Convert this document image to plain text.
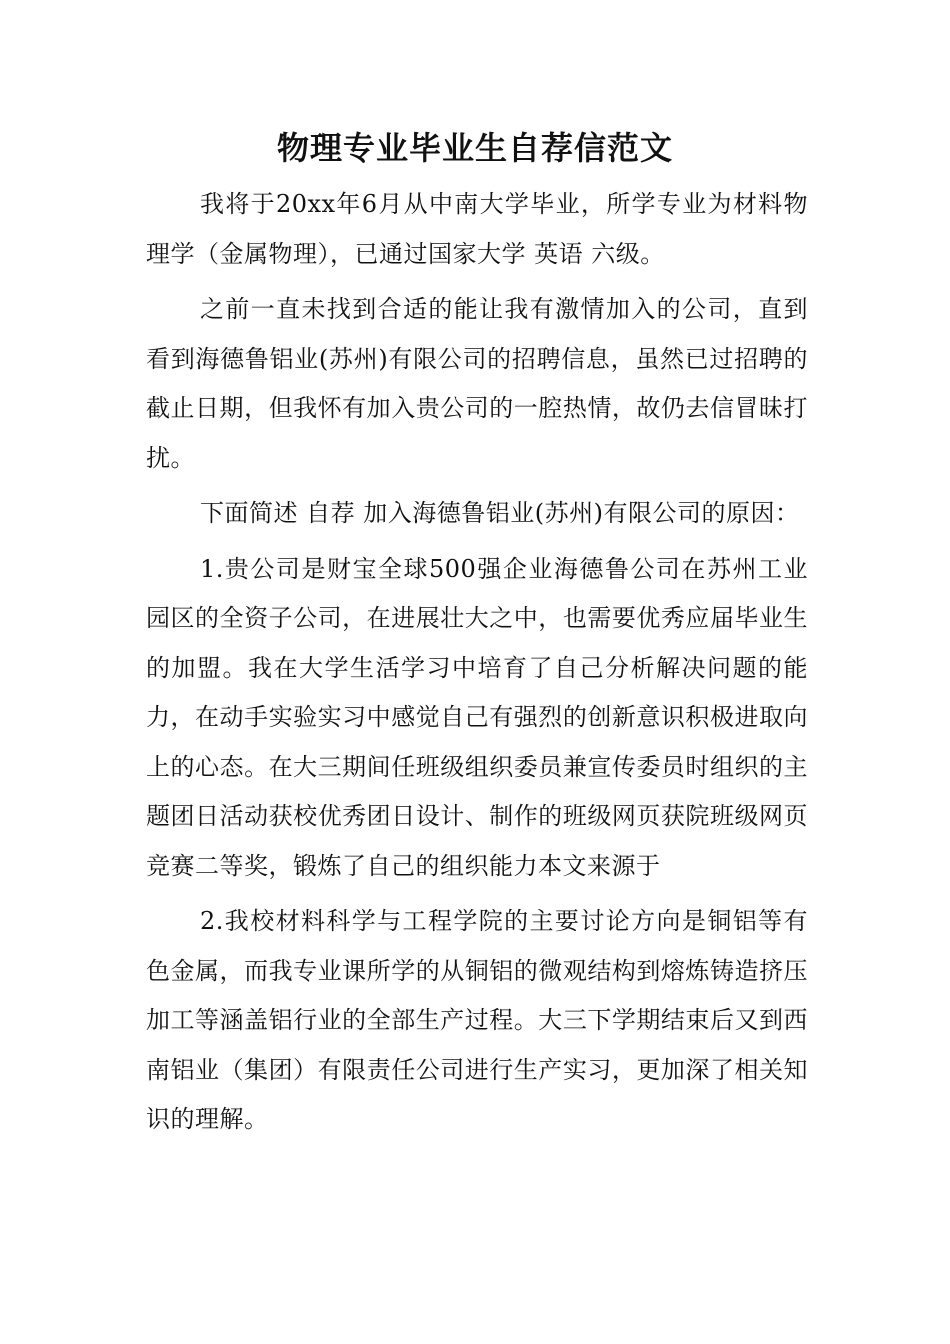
物理专业毕业生自荐信范文

我将于20xx年6月从中南大学毕业，所学专业为材料物理学（金属物理），已通过国家大学 英语 六级。

之前一直未找到合适的能让我有激情加入的公司，直到看到海德鲁铝业(苏州)有限公司的招聘信息，虽然已过招聘的截止日期，但我怀有加入贵公司的一腔热情，故仍去信冒昧打扰。

下面简述 自荐 加入海德鲁铝业(苏州)有限公司的原因：

1.贵公司是财宝全球500强企业海德鲁公司在苏州工业园区的全资子公司，在进展壮大之中，也需要优秀应届毕业生的加盟。我在大学生活学习中培育了自己分析解决问题的能力，在动手实验实习中感觉自己有强烈的创新意识积极进取向上的心态。在大三期间任班级组织委员兼宣传委员时组织的主题团日活动获校优秀团日设计、制作的班级网页获院班级网页竞赛二等奖，锻炼了自己的组织能力本文来源于

2.我校材料科学与工程学院的主要讨论方向是铜铝等有色金属，而我专业课所学的从铜铝的微观结构到熔炼铸造挤压加工等涵盖铝行业的全部生产过程。大三下学期结束后又到西南铝业（集团）有限责任公司进行生产实习，更加深了相关知识的理解。
